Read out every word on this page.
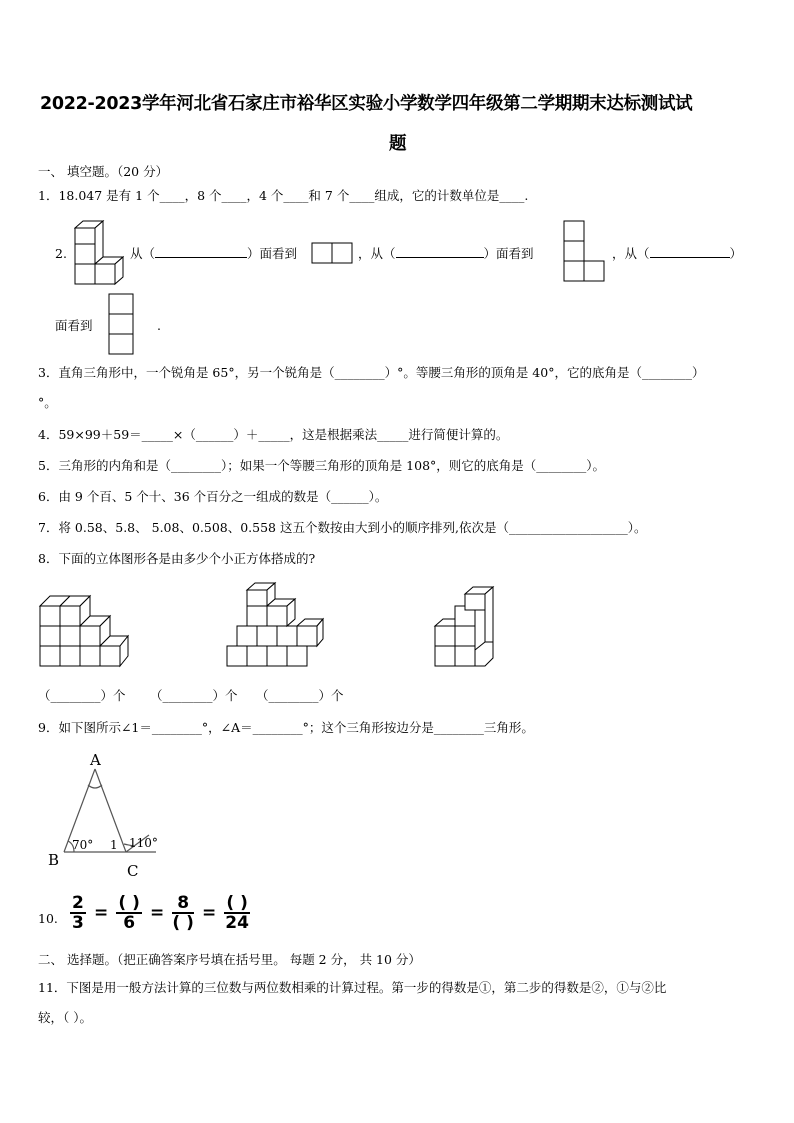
2022-2023学年河北省石家庄市裕华区实验小学数学四年级第二学期期末达标测试试
题
一、 填空题。（20 分）
1．18.047 是有 1 个____，8 个____，4 个____和 7 个____组成，它的计数单位是____.
2.	从（	）面看到	，从（	）面看到	，从（	）
面看到	.
3．直角三角形中，一个锐角是 65°，另一个锐角是（________）°。等腰三角形的顶角是 40°，它的底角是（________）
°。
4．59×99＋59＝_____×（______）＋_____，这是根据乘法_____进行简便计算的。
5．三角形的内角和是（________）；如果一个等腰三角形的顶角是 108°，则它的底角是（________）。
6．由 9 个百、5 个十、36 个百分之一组成的数是（______）。
7．将 0.58、5.8、 5.08、0.508、0.558 这五个数按由大到小的顺序排列,依次是（___________________）。
8．下面的立体图形各是由多少个小正方体搭成的?
（________）个 （________）个 （________）个
9．如下图所示∠1＝________°，∠A＝________°；这个三角形按边分是________三角形。
A
B
C
70° 1 110°
10. $\frac{2}{3} = \frac{( )}{6} = \frac{8}{( )} = \frac{( )}{24}$
二、 选择题。（把正确答案序号填在括号里。 每题 2 分， 共 10 分）
11．下图是用一般方法计算的三位数与两位数相乘的计算过程。第一步的得数是①，第二步的得数是②，①与②比
较，（ ）。
